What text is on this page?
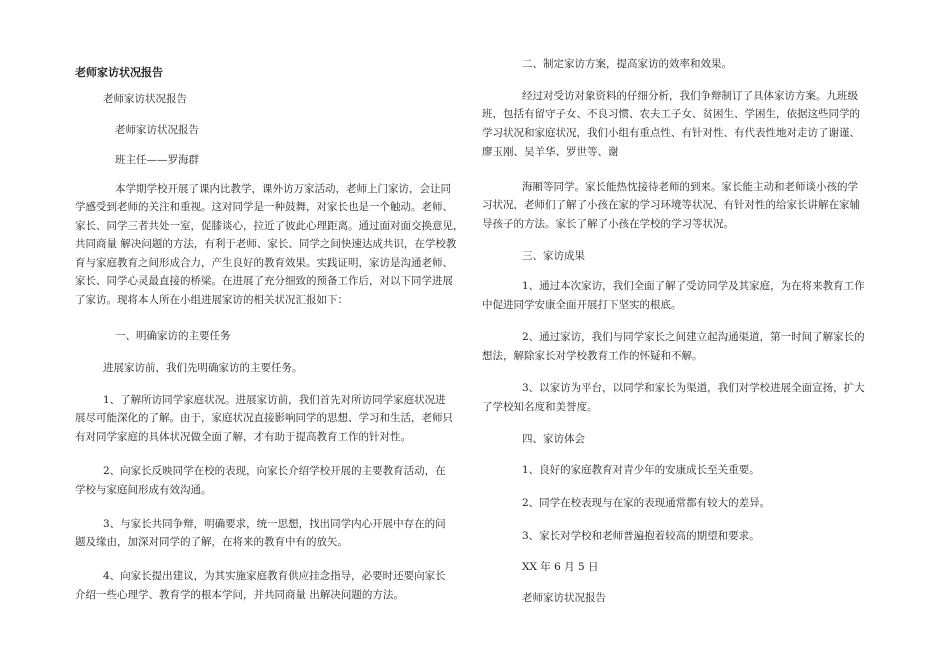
老师家访状况报告
老师家访状况报告
老师家访状况报告
班主任——罗海群
本学期学校开展了课内比教学，课外访万家活动，老师上门家访，会让同
学感受到老师的关注和重视。这对同学是一种鼓舞，对家长也是一个触动。老师、
家长、同学三者共处一室，促膝谈心，拉近了彼此心理距离。通过面对面交换意见，
共同商量 解决问题的方法，有利于老师、家长、同学之间快速达成共识，在学校教
育与家庭教育之间形成合力，产生良好的教育效果。实践证明，家访是沟通老师、
家长、同学心灵最直接的桥梁。在进展了充分细致的预备工作后，对以下同学进展
了家访。现将本人所在小组进展家访的相关状况汇报如下：
一、明确家访的主要任务
进展家访前，我们先明确家访的主要任务。
1、了解所访同学家庭状况。进展家访前，我们首先对所访同学家庭状况进
展尽可能深化的了解。由于，家庭状况直接影响同学的思想、学习和生活，老师只
有对同学家庭的具体状况做全面了解，才有助于提高教育工作的针对性。
2、向家长反映同学在校的表现，向家长介绍学校开展的主要教育活动，在
学校与家庭间形成有效沟通。
3、与家长共同争辩，明确要求，统一思想，找出同学内心开展中存在的问
题及缘由，加深对同学的了解，在将来的教育中有的放矢。
4、向家长提出建议，为其实施家庭教育供应挂念指导，必要时还要向家长
介绍一些心理学、教育学的根本学问，并共同商量 出解决问题的方法。
二、制定家访方案，提高家访的效率和效果。
经过对受访对象资料的仔细分析，我们争辩制订了具体家访方案。九班级
班，包括有留守子女、不良习惯、农夫工子女、贫困生、学困生，依据这些同学的
学习状况和家庭状况，我们小组有重点性、有针对性、有代表性地对走访了谢谨、
廖玉刚、吴羊华、罗世等、谢
海厢等同学。家长能热忱接待老师的到来。家长能主动和老师谈小孩的学
习状况，老师们了解了小孩在家的学习环境等状况、有针对性的给家长讲解在家辅
导孩子的方法。家长了解了小孩在学校的学习等状况。
三、家访成果
1、通过本次家访，我们全面了解了受访同学及其家庭，为在将来教育工作
中促进同学安康全面开展打下坚实的根底。
2、通过家访，我们与同学家长之间建立起沟通渠道，第一时间了解家长的
想法，解除家长对学校教育工作的怀疑和不解。
3、以家访为平台，以同学和家长为渠道，我们对学校进展全面宣扬，扩大
了学校知名度和美誉度。
四、家访体会
1、良好的家庭教育对青少年的安康成长至关重要。
2、同学在校表现与在家的表现通常都有较大的差异。
3、家长对学校和老师普遍抱着较高的期望和要求。
XX 年 6 月 5 日
老师家访状况报告
